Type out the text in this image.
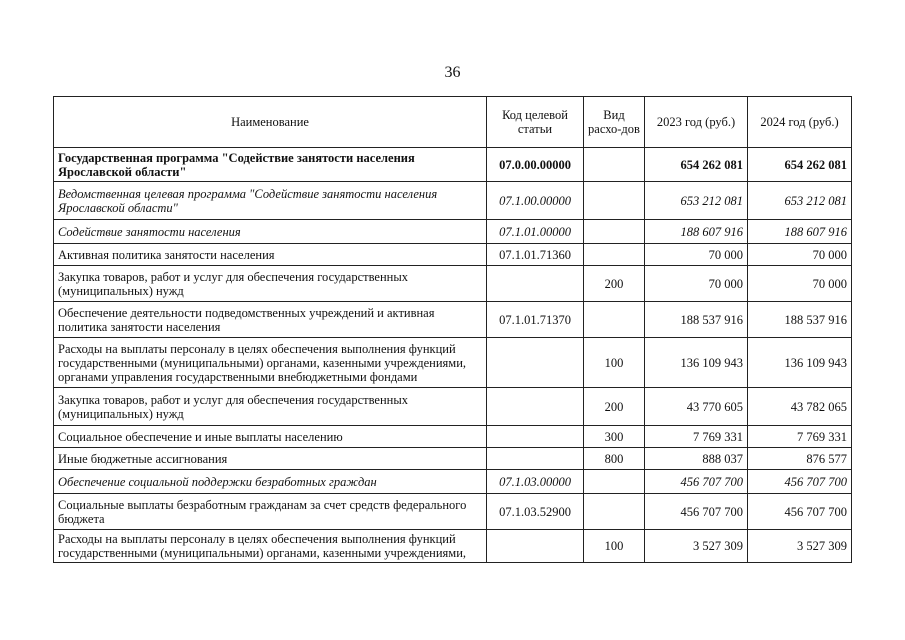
36
Наименование	Код целевой статьи	Вид расхо-дов	2023 год (руб.)	2024 год (руб.)
Государственная программа "Содействие занятости населения Ярославской области"	07.0.00.00000		654 262 081	654 262 081
Ведомственная целевая программа "Содействие занятости населения Ярославской области"	07.1.00.00000		653 212 081	653 212 081
Содействие занятости населения	07.1.01.00000		188 607 916	188 607 916
Активная политика занятости населения	07.1.01.71360		70 000	70 000
Закупка товаров, работ и услуг для обеспечения государственных (муниципальных) нужд		200	70 000	70 000
Обеспечение деятельности подведомственных учреждений и активная политика занятости населения	07.1.01.71370		188 537 916	188 537 916
Расходы на выплаты персоналу в целях обеспечения выполнения функций государственными (муниципальными) органами, казенными учреждениями, органами управления государственными внебюджетными фондами		100	136 109 943	136 109 943
Закупка товаров, работ и услуг для обеспечения государственных (муниципальных) нужд		200	43 770 605	43 782 065
Социальное обеспечение и иные выплаты населению		300	7 769 331	7 769 331
Иные бюджетные ассигнования		800	888 037	876 577
Обеспечение социальной поддержки безработных граждан	07.1.03.00000		456 707 700	456 707 700
Социальные выплаты безработным гражданам за счет средств федерального бюджета	07.1.03.52900		456 707 700	456 707 700
Расходы на выплаты персоналу в целях обеспечения выполнения функций государственными (муниципальными) органами, казенными учреждениями,		100	3 527 309	3 527 309
